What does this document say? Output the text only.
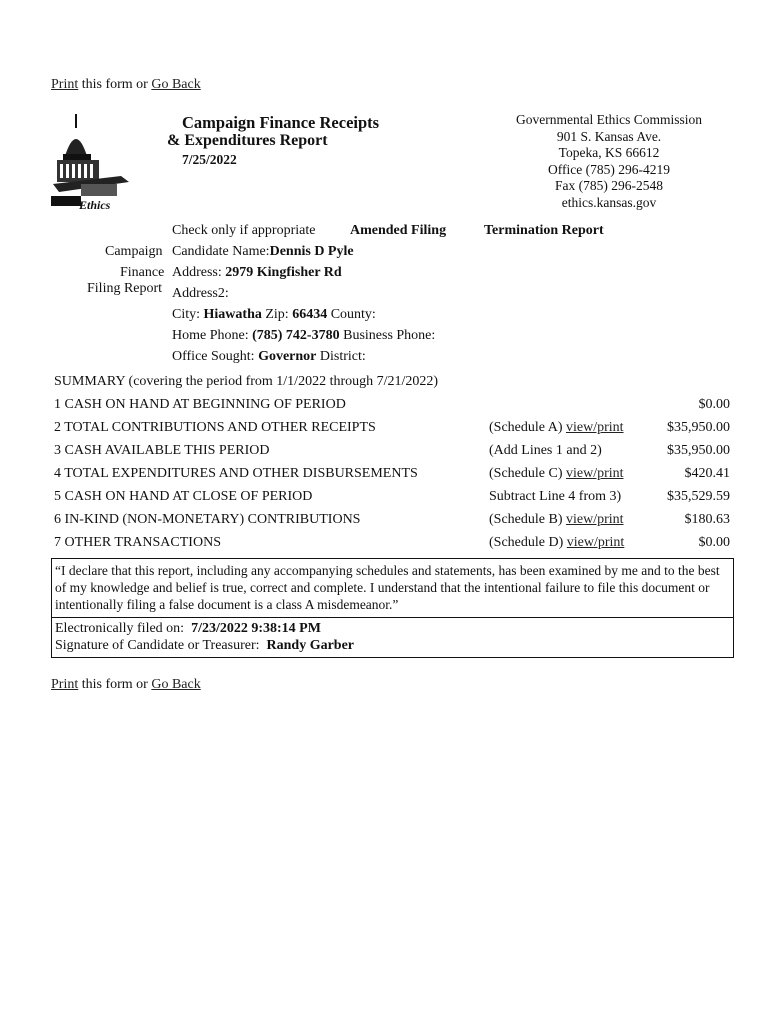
Print this form or Go Back
Ethics
Campaign Finance Receipts
& Expenditures Report
7/25/2022
Governmental Ethics Commission
901 S. Kansas Ave.
Topeka, KS 66612
Office (785) 296-4219
Fax (785) 296-2548
ethics.kansas.gov
Check only if appropriate Amended Filing	Termination Report
Campaign
Finance
Filing Report
Candidate Name:Dennis D Pyle
Address: 2979 Kingfisher Rd
Address2:
City: Hiawatha Zip: 66434 County:
Home Phone: (785) 742-3780 Business Phone:
Office Sought: Governor District:
SUMMARY (covering the period from 1/1/2022 through 7/21/2022)
1 CASH ON HAND AT BEGINNING OF PERIOD	$0.00
2 TOTAL CONTRIBUTIONS AND OTHER RECEIPTS	(Schedule A) view/print	$35,950.00
3 CASH AVAILABLE THIS PERIOD	(Add Lines 1 and 2)	$35,950.00
4 TOTAL EXPENDITURES AND OTHER DISBURSEMENTS	(Schedule C) view/print	$420.41
5 CASH ON HAND AT CLOSE OF PERIOD	Subtract Line 4 from 3)	$35,529.59
6 IN-KIND (NON-MONETARY) CONTRIBUTIONS	(Schedule B) view/print	$180.63
7 OTHER TRANSACTIONS	(Schedule D) view/print	$0.00
“I declare that this report, including any accompanying schedules and statements, has been examined by me and to the best of my knowledge and belief is true, correct and complete. I understand that the intentional failure to file this document or intentionally filing a false document is a class A misdemeanor.”
Electronically filed on: 7/23/2022 9:38:14 PM
Signature of Candidate or Treasurer: Randy Garber
Print this form or Go Back
